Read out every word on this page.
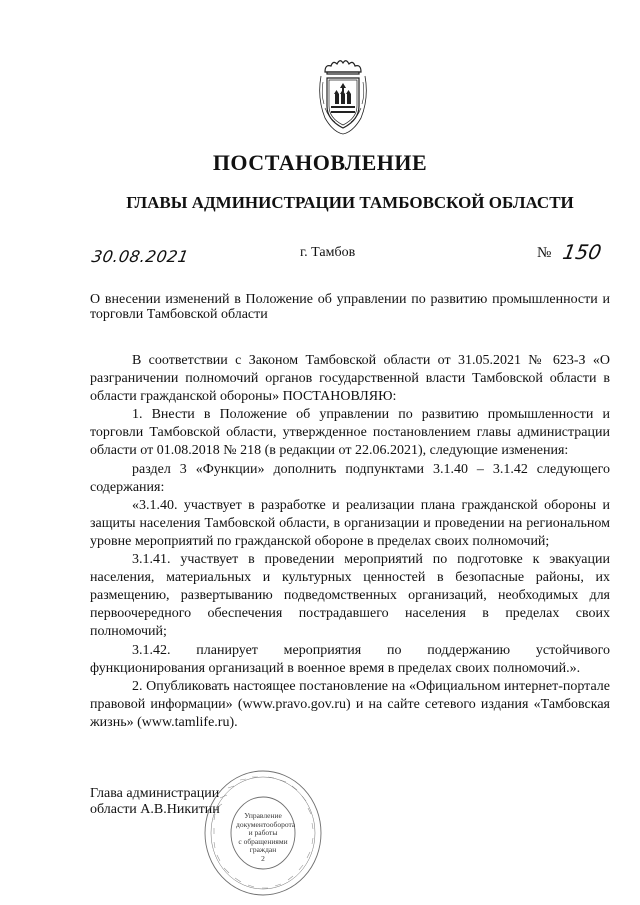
ПОСТАНОВЛЕНИЕ
ГЛАВЫ АДМИНИСТРАЦИИ ТАМБОВСКОЙ ОБЛАСТИ
30.08.2021	г. Тамбов	№ 150
О внесении изменений в Положение об управлении по развитию промышленности и торговли Тамбовской области

В соответствии с Законом Тамбовской области от 31.05.2021 № 623-З «О разграничении полномочий органов государственной власти Тамбовской области в области гражданской обороны» ПОСТАНОВЛЯЮ:

1. Внести в Положение об управлении по развитию промышленности и торговли Тамбовской области, утвержденное постановлением главы администрации области от 01.08.2018 № 218 (в редакции от 22.06.2021), следующие изменения:

раздел 3 «Функции» дополнить подпунктами 3.1.40 – 3.1.42 следующего содержания:

«3.1.40. участвует в разработке и реализации плана гражданской обороны и защиты населения Тамбовской области, в организации и проведении на региональном уровне мероприятий по гражданской обороне в пределах своих полномочий;

3.1.41. участвует в проведении мероприятий по подготовке к эвакуации населения, материальных и культурных ценностей в безопасные районы, их размещению, развертыванию подведомственных организаций, необходимых для первоочередного обеспечения пострадавшего населения в пределах своих полномочий;

3.1.42. планирует мероприятия по поддержанию устойчивого функционирования организаций в военное время в пределах своих полномочий.».

2. Опубликовать настоящее постановление на «Официальном интернет-портале правовой информации» (www.pravo.gov.ru) и на сайте сетевого издания «Тамбовская жизнь» (www.tamlife.ru).

Глава администрации
области А.В.Никитин	Управление
документооборота
и работы
с обращениями
граждан
2
